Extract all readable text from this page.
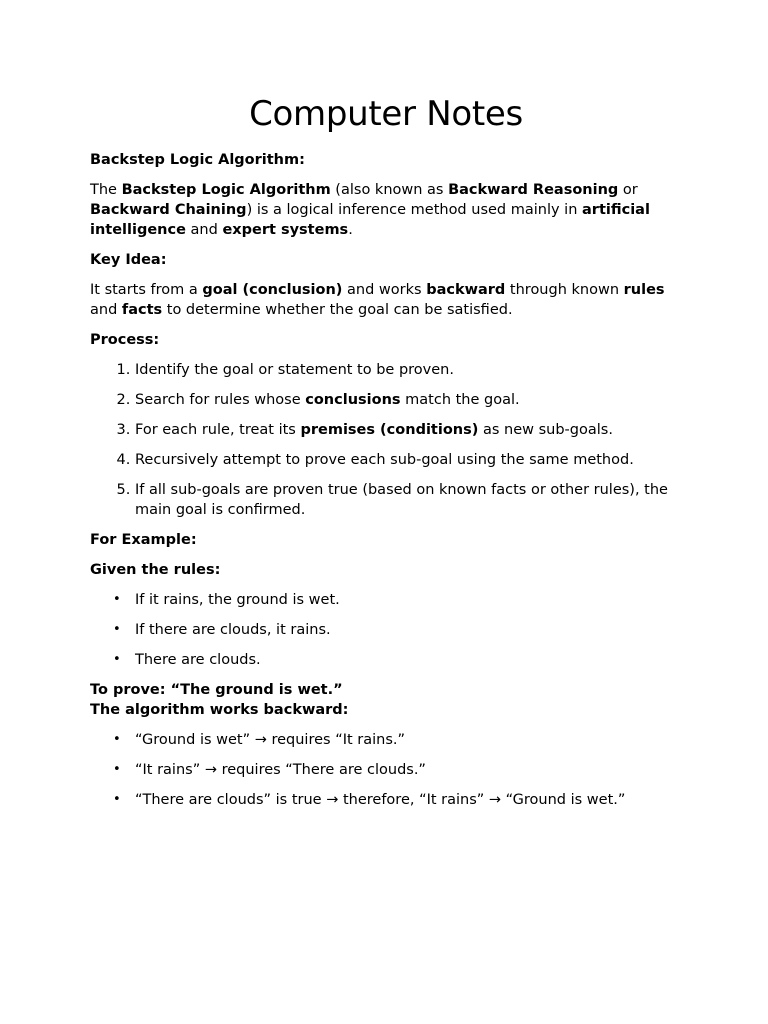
Computer Notes

Backstep Logic Algorithm:

The Backstep Logic Algorithm (also known as Backward Reasoning or Backward Chaining) is a logical inference method used mainly in artificial intelligence and expert systems.

Key Idea:

It starts from a goal (conclusion) and works backward through known rules and facts to determine whether the goal can be satisfied.

Process:

1. Identify the goal or statement to be proven.
2. Search for rules whose conclusions match the goal.
3. For each rule, treat its premises (conditions) as new sub-goals.
4. Recursively attempt to prove each sub-goal using the same method.
5. If all sub-goals are proven true (based on known facts or other rules), the main goal is confirmed.

For Example:

Given the rules:

• If it rains, the ground is wet.
• If there are clouds, it rains.
• There are clouds.

To prove: “The ground is wet.”

The algorithm works backward:

• “Ground is wet” → requires “It rains.”
• “It rains” → requires “There are clouds.”
• “There are clouds” is true → therefore, “It rains” → “Ground is wet.”
